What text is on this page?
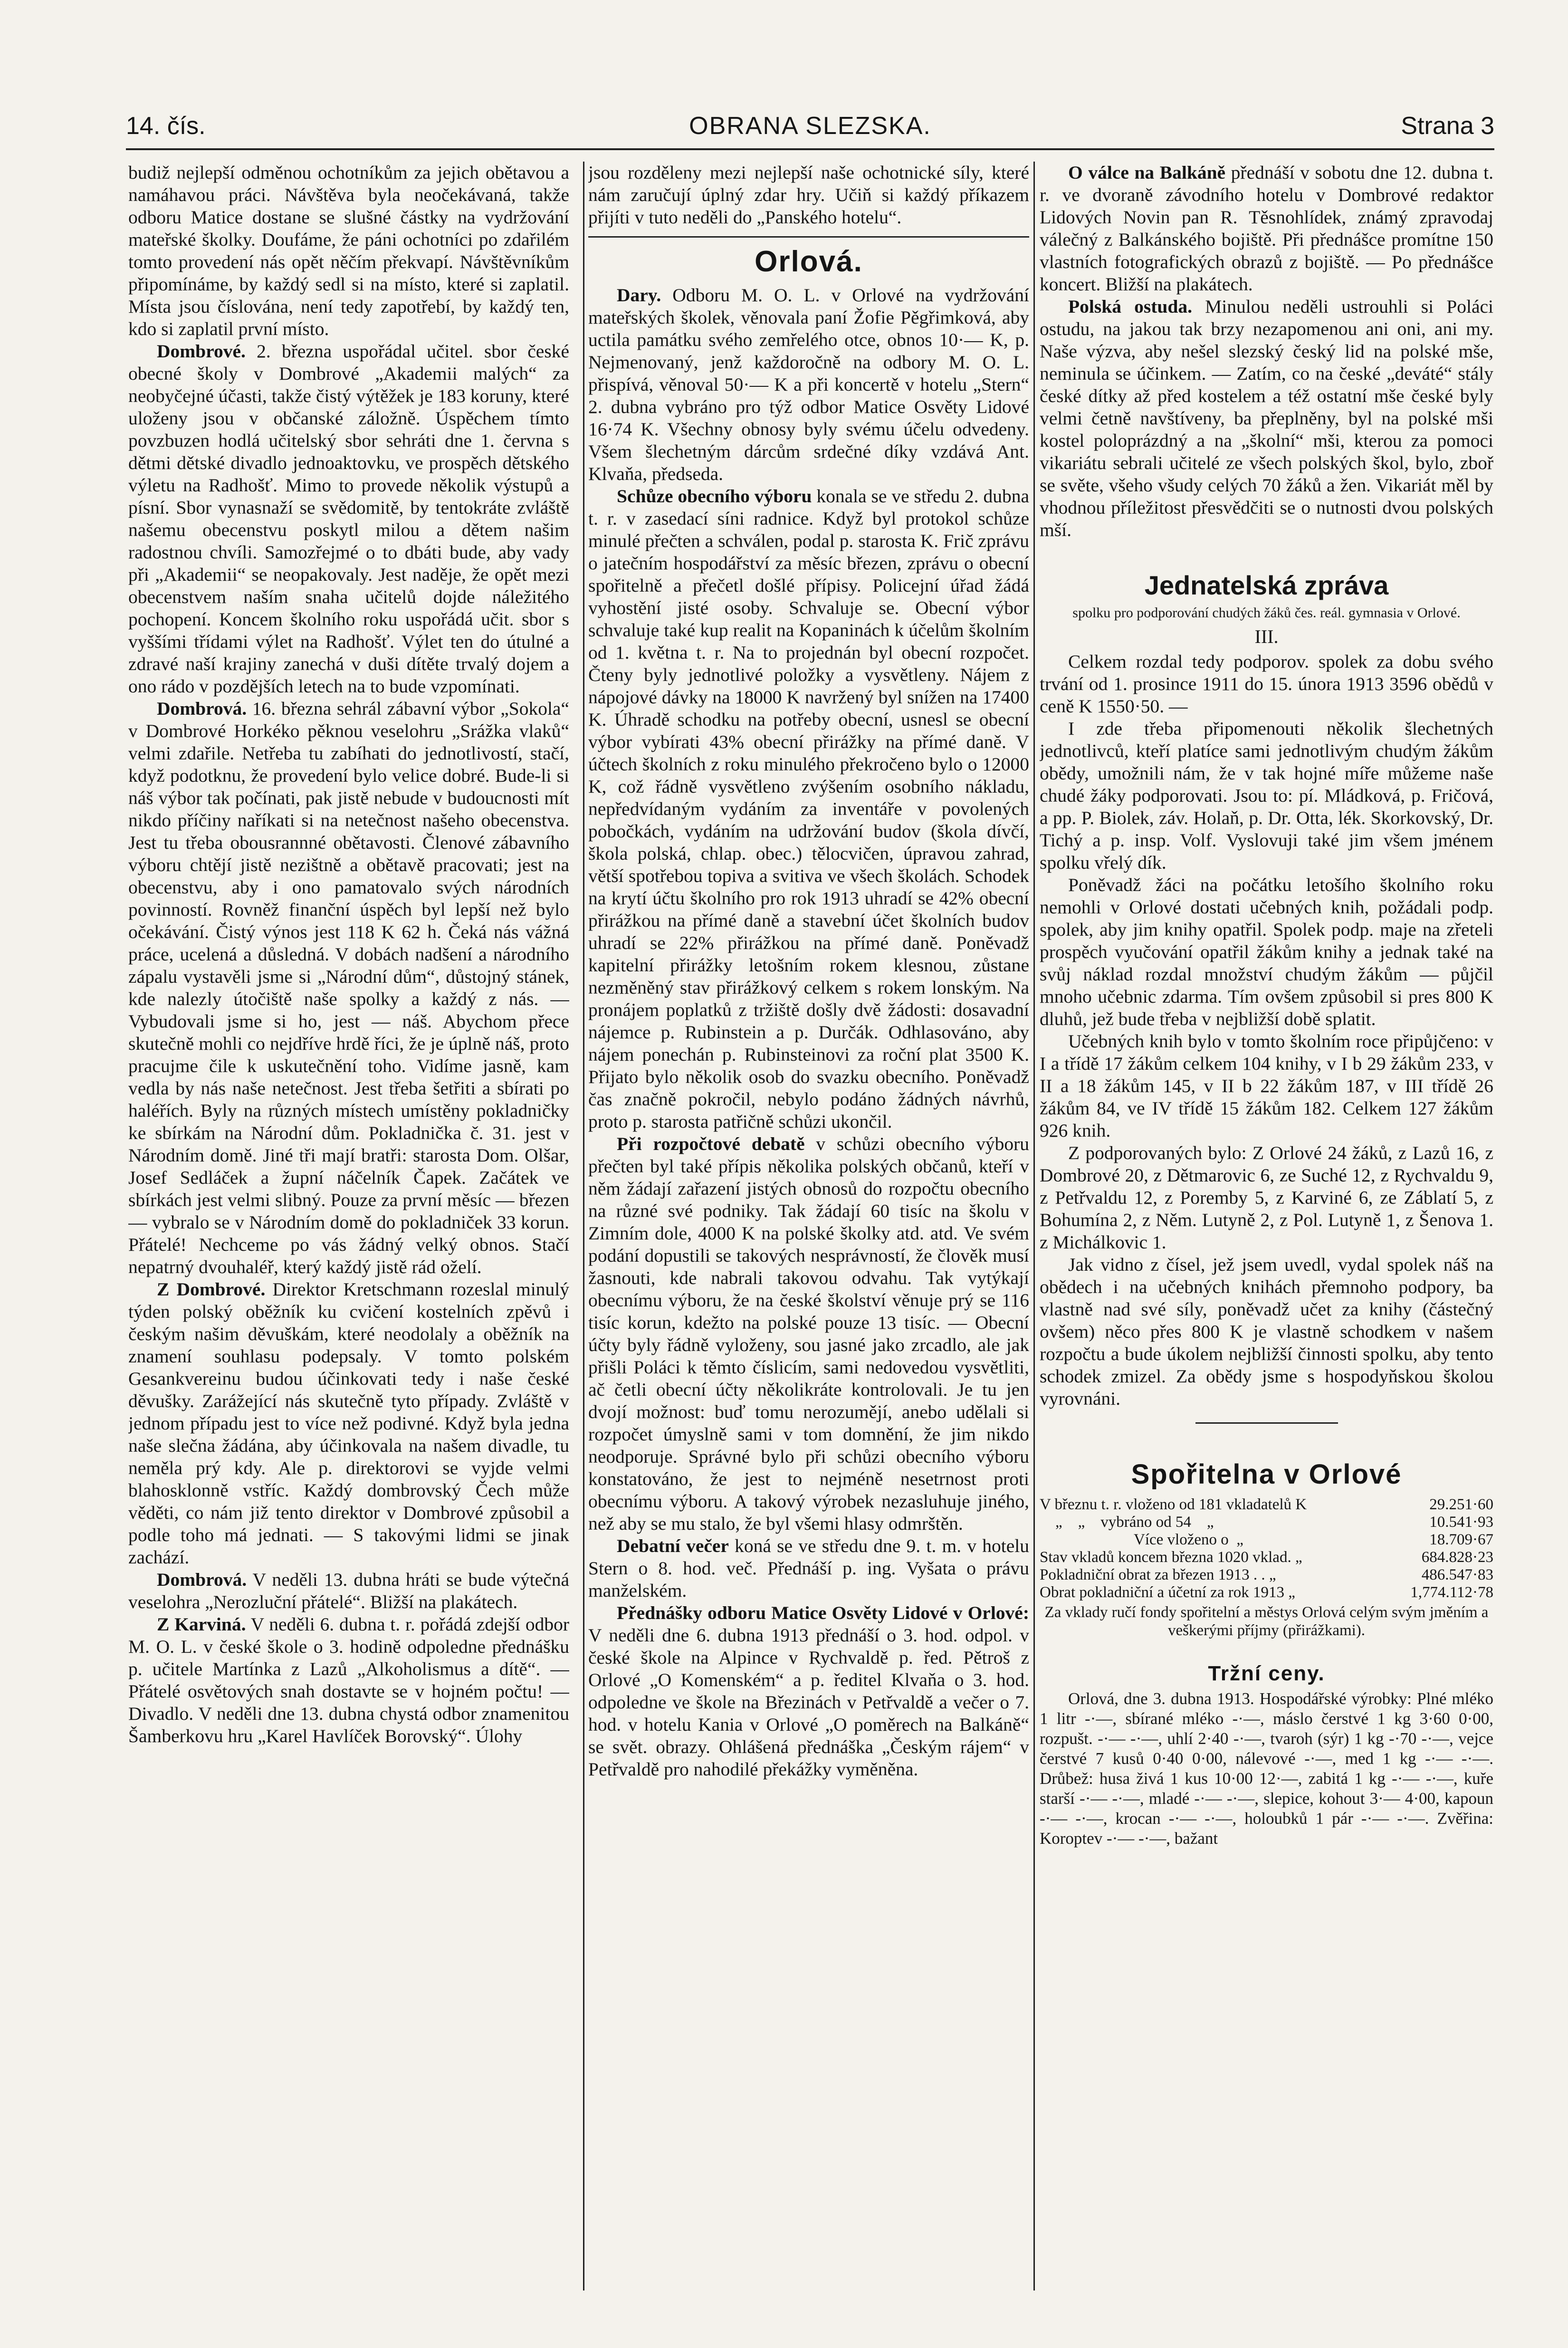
14. čís.	OBRANA SLEZSKA.	Strana 3

budiž nejlepší odměnou ochotníkům za jejich obětavou a namáhavou práci. Návštěva byla neočekávaná, takže odboru Matice dostane se slušné částky na vydržování mateřské školky. Doufáme, že páni ochotníci po zdařilém tomto provedení nás opět něčím překvapí. Návštěvníkům připomínáme, by každý sedl si na místo, které si zaplatil. Místa jsou číslována, není tedy zapotřebí, by každý ten, kdo si zaplatil první místo.

Dombrové. 2. března uspořádal učitel. sbor české obecné školy v Dombrové „Akademii malých“ za neobyčejné účasti, takže čistý výtěžek je 183 koruny, které uloženy jsou v občanské záložně. Úspěchem tímto povzbuzen hodlá učitelský sbor sehráti dne 1. června s dětmi dětské divadlo jednoaktovku, ve prospěch dětského výletu na Radhošť. Mimo to provede několik výstupů a písní. Sbor vynasnaží se svědomitě, by tentokráte zvláště našemu obecenstvu poskytl milou a dětem našim radostnou chvíli. Samozřejmé o to dbáti bude, aby vady při „Akademii“ se neopakovaly. Jest naděje, že opět mezi obecenstvem naším snaha učitelů dojde náležitého pochopení. Koncem školního roku uspořádá učit. sbor s vyššími třídami výlet na Radhošť. Výlet ten do útulné a zdravé naší krajiny zanechá v duši dítěte trvalý dojem a ono rádo v pozdějších letech na to bude vzpomínati.

Dombrová. 16. března sehrál zábavní výbor „Sokola“ v Dombrové Horkéko pěknou veselohru „Srážka vlaků“ velmi zdařile. Netřeba tu zabíhati do jednotlivostí, stačí, když podotknu, že provedení bylo velice dobré. Bude-li si náš výbor tak počínati, pak jistě nebude v budoucnosti mít nikdo příčiny naříkati si na netečnost našeho obecenstva. Jest tu třeba obousrannné obětavosti. Členové zábavního výboru chtějí jistě nezištně a obětavě pracovati; jest na obecenstvu, aby i ono pamatovalo svých národních povinností. Rovněž finanční úspěch byl lepší než bylo očekávání. Čistý výnos jest 118 K 62 h. Čeká nás vážná práce, ucelená a důsledná. V dobách nadšení a národního zápalu vystavěli jsme si „Národní dům“, důstojný stánek, kde nalezly útočiště naše spolky a každý z nás. — Vybudovali jsme si ho, jest — náš. Abychom přece skutečně mohli co nejdříve hrdě říci, že je úplně náš, proto pracujme čile k uskutečnění toho. Vidíme jasně, kam vedla by nás naše netečnost. Jest třeba šetřiti a sbírati po haléřích. Byly na různých místech umístěny pokladničky ke sbírkám na Národní dům. Pokladnička č. 31. jest v Národním domě. Jiné tři mají bratři: starosta Dom. Olšar, Josef Sedláček a župní náčelník Čapek. Začátek ve sbírkách jest velmi slibný. Pouze za první měsíc — březen — vybralo se v Národním domě do pokladniček 33 korun. Přátelé! Nechceme po vás žádný velký obnos. Stačí nepatrný dvouhaléř, který každý jistě rád oželí.

Z Dombrové. Direktor Kretschmann rozeslal minulý týden polský oběžník ku cvičení kostelních zpěvů i českým našim děvuškám, které neodolaly a oběžník na znamení souhlasu podepsaly. V tomto polském Gesankvereinu budou účinkovati tedy i naše české děvušky. Zarážející nás skutečně tyto případy. Zvláště v jednom případu jest to více než podivné. Když byla jedna naše slečna žádána, aby účinkovala na našem divadle, tu neměla prý kdy. Ale p. direktorovi se vyjde velmi blahosklonně vstříc. Každý dombrovský Čech může věděti, co nám již tento direktor v Dombrové způsobil a podle toho má jednati. — S takovými lidmi se jinak zachází.

Dombrová. V neděli 13. dubna hráti se bude výtečná veselohra „Nerozluční přátelé“. Bližší na plakátech.

Z Karviná. V neděli 6. dubna t. r. pořádá zdejší odbor M. O. L. v české škole o 3. hodině odpoledne přednášku p. učitele Martínka z Lazů „Alkoholismus a dítě“. — Přátelé osvětových snah dostavte se v hojném počtu! — Divadlo. V neděli dne 13. dubna chystá odbor znamenitou Šamberkovu hru „Karel Havlíček Borovský“. Úlohy

jsou rozděleny mezi nejlepší naše ochotnické síly, které nám zaručují úplný zdar hry. Učiň si každý příkazem přijíti v tuto neděli do „Panského hotelu“.

Orlová.

Dary. Odboru M. O. L. v Orlové na vydržování mateřských školek, věnovala paní Žofie Pěgřimková, aby uctila památku svého zemřelého otce, obnos 10·— K, p. Nejmenovaný, jenž každoročně na odbory M. O. L. přispívá, věnoval 50·— K a při koncertě v hotelu „Stern“ 2. dubna vybráno pro týž odbor Matice Osvěty Lidové 16·74 K. Všechny obnosy byly svému účelu odvedeny. Všem šlechetným dárcům srdečné díky vzdává Ant. Klvaňa, předseda.

Schůze obecního výboru konala se ve středu 2. dubna t. r. v zasedací síni radnice. Když byl protokol schůze minulé přečten a schválen, podal p. starosta K. Frič zprávu o jatečním hospodářství za měsíc březen, zprávu o obecní spořitelně a přečetl došlé přípisy. Policejní úřad žádá vyhostění jisté osoby. Schvaluje se. Obecní výbor schvaluje také kup realit na Kopaninách k účelům školním od 1. května t. r. Na to projednán byl obecní rozpočet. Čteny byly jednotlivé položky a vysvětleny. Nájem z nápojové dávky na 18000 K navržený byl snížen na 17400 K. Úhradě schodku na potřeby obecní, usnesl se obecní výbor vybírati 43% obecní přirážky na přímé daně. V účtech školních z roku minulého překročeno bylo o 12000 K, což řádně vysvětleno zvýšením osobního nákladu, nepředvídaným vydáním za inventáře v povolených pobočkách, vydáním na udržování budov (škola dívčí, škola polská, chlap. obec.) tělocvičen, úpravou zahrad, větší spotřebou topiva a svitiva ve všech školách. Schodek na krytí účtu školního pro rok 1913 uhradí se 42% obecní přirážkou na přímé daně a stavební účet školních budov uhradí se 22% přirážkou na přímé daně. Poněvadž kapitelní přirážky letošním rokem klesnou, zůstane nezměněný stav přirážkový celkem s rokem lonským. Na pronájem poplatků z tržiště došly dvě žádosti: dosavadní nájemce p. Rubinstein a p. Durčák. Odhlasováno, aby nájem ponechán p. Rubinsteinovi za roční plat 3500 K. Přijato bylo několik osob do svazku obecního. Poněvadž čas značně pokročil, nebylo podáno žádných návrhů, proto p. starosta patřičně schůzi ukončil.

Při rozpočtové debatě v schůzi obecního výboru přečten byl také přípis několika polských občanů, kteří v něm žádají zařazení jistých obnosů do rozpočtu obecního na různé své podniky. Tak žádají 60 tisíc na školu v Zimním dole, 4000 K na polské školky atd. atd. Ve svém podání dopustili se takových nesprávností, že člověk musí žasnouti, kde nabrali takovou odvahu. Tak vytýkají obecnímu výboru, že na české školství věnuje prý se 116 tisíc korun, kdežto na polské pouze 13 tisíc. — Obecní účty byly řádně vyloženy, sou jasné jako zrcadlo, ale jak přišli Poláci k těmto číslicím, sami nedovedou vysvětliti, ač četli obecní účty několikráte kontrolovali. Je tu jen dvojí možnost: buď tomu nerozumějí, anebo udělali si rozpočet úmyslně sami v tom domnění, že jim nikdo neodporuje. Správné bylo při schůzi obecního výboru konstatováno, že jest to nejméně nesetrnost proti obecnímu výboru. A takový výrobek nezasluhuje jiného, než aby se mu stalo, že byl všemi hlasy odmrštěn.

Debatní večer koná se ve středu dne 9. t. m. v hotelu Stern o 8. hod. več. Přednáší p. ing. Vyšata o právu manželském.

Přednášky odboru Matice Osvěty Lidové v Orlové: V neděli dne 6. dubna 1913 přednáší o 3. hod. odpol. v české škole na Alpince v Rychvaldě p. řed. Pětroš z Orlové „O Komenském“ a p. ředitel Klvaňa o 3. hod. odpoledne ve škole na Březinách v Petřvaldě a večer o 7. hod. v hotelu Kania v Orlové „O poměrech na Balkáně“ se svět. obrazy. Ohlášená přednáška „Českým rájem“ v Petřvaldě pro nahodilé překážky vyměněna.

O válce na Balkáně přednáší v sobotu dne 12. dubna t. r. ve dvoraně závodního hotelu v Dombrové redaktor Lidových Novin pan R. Těsnohlídek, známý zpravodaj válečný z Balkánského bojiště. Při přednášce promítne 150 vlastních fotografických obrazů z bojiště. — Po přednášce koncert. Bližší na plakátech.

Polská ostuda. Minulou neděli ustrouhli si Poláci ostudu, na jakou tak brzy nezapomenou ani oni, ani my. Naše výzva, aby nešel slezský český lid na polské mše, neminula se účinkem. — Zatím, co na české „deváté“ stály české dítky až před kostelem a též ostatní mše české byly velmi četně navštíveny, ba přeplněny, byl na polské mši kostel poloprázdný a na „školní“ mši, kterou za pomoci vikariátu sebrali učitelé ze všech polských škol, bylo, zboř se světe, všeho všudy celých 70 žáků a žen. Vikariát měl by vhodnou příležitost přesvědčiti se o nutnosti dvou polských mší.

Jednatelská zpráva
spolku pro podporování chudých žáků čes. reál. gymnasia v Orlové.
III.

Celkem rozdal tedy podporov. spolek za dobu svého trvání od 1. prosince 1911 do 15. února 1913 3596 obědů v ceně K 1550·50. —

I zde třeba připomenouti několik šlechetných jednotlivců, kteří platíce sami jednotlivým chudým žákům obědy, umožnili nám, že v tak hojné míře můžeme naše chudé žáky podporovati. Jsou to: pí. Mládková, p. Fričová, a pp. P. Biolek, záv. Holaň, p. Dr. Otta, lék. Skorkovský, Dr. Tichý a p. insp. Volf. Vyslovuji také jim všem jménem spolku vřelý dík.

Poněvadž žáci na počátku letošího školního roku nemohli v Orlové dostati učebných knih, požádali podp. spolek, aby jim knihy opatřil. Spolek podp. maje na zřeteli prospěch vyučování opatřil žákům knihy a jednak také na svůj náklad rozdal množství chudým žákům — půjčil mnoho učebnic zdarma. Tím ovšem způsobil si pres 800 K dluhů, jež bude třeba v nejbližší době splatit.

Učebných knih bylo v tomto školním roce připůjčeno: v I a třídě 17 žákům celkem 104 knihy, v I b 29 žákům 233, v II a 18 žákům 145, v II b 22 žákům 187, v III třídě 26 žákům 84, ve IV třídě 15 žákům 182. Celkem 127 žákům 926 knih.

Z podporovaných bylo: Z Orlové 24 žáků, z Lazů 16, z Dombrové 20, z Dětmarovic 6, ze Suché 12, z Rychvaldu 9, z Petřvaldu 12, z Poremby 5, z Karviné 6, ze Záblatí 5, z Bohumína 2, z Něm. Lutyně 2, z Pol. Lutyně 1, z Šenova 1. z Michálkovic 1.

Jak vidno z čísel, jež jsem uvedl, vydal spolek náš na obědech i na učebných knihách přemnoho podpory, ba vlastně nad své síly, poněvadž učet za knihy (částečný ovšem) něco přes 800 K je vlastně schodkem v našem rozpočtu a bude úkolem nejbližší činnosti spolku, aby tento schodek zmizel. Za obědy jsme s hospodyňskou školou vyrovnáni.

Spořitelna v Orlové
V březnu t. r. vloženo od 181 vkladatelů K	29.251·60
„    „    vybráno od 54    „	10.541·93
Více vloženo o  „	18.709·67
Stav vkladů koncem března 1020 vklad. „	684.828·23
Pokladniční obrat za březen 1913 . . „	486.547·83
Obrat pokladniční a účetní za rok 1913 „	1,774.112·78
Za vklady ručí fondy spořitelní a městys Orlová celým svým jměním a veškerými příjmy (přirážkami).
Tržní ceny.

Orlová, dne 3. dubna 1913. Hospodářské výrobky: Plné mléko 1 litr -·—, sbírané mléko -·—, máslo čerstvé 1 kg 3·60 0·00, rozpušt. -·— -·—, uhlí 2·40 -·—, tvaroh (sýr) 1 kg -·70 -·—, vejce čerstvé 7 kusů 0·40 0·00, nálevové -·—, med 1 kg -·— -·—. Drůbež: husa živá 1 kus 10·00 12·—, zabitá 1 kg -·— -·—, kuře starší -·— -·—, mladé -·— -·—, slepice, kohout 3·— 4·00, kapoun -·— -·—, krocan -·— -·—, holoubků 1 pár -·— -·—. Zvěřina: Koroptev -·— -·—, bažant
